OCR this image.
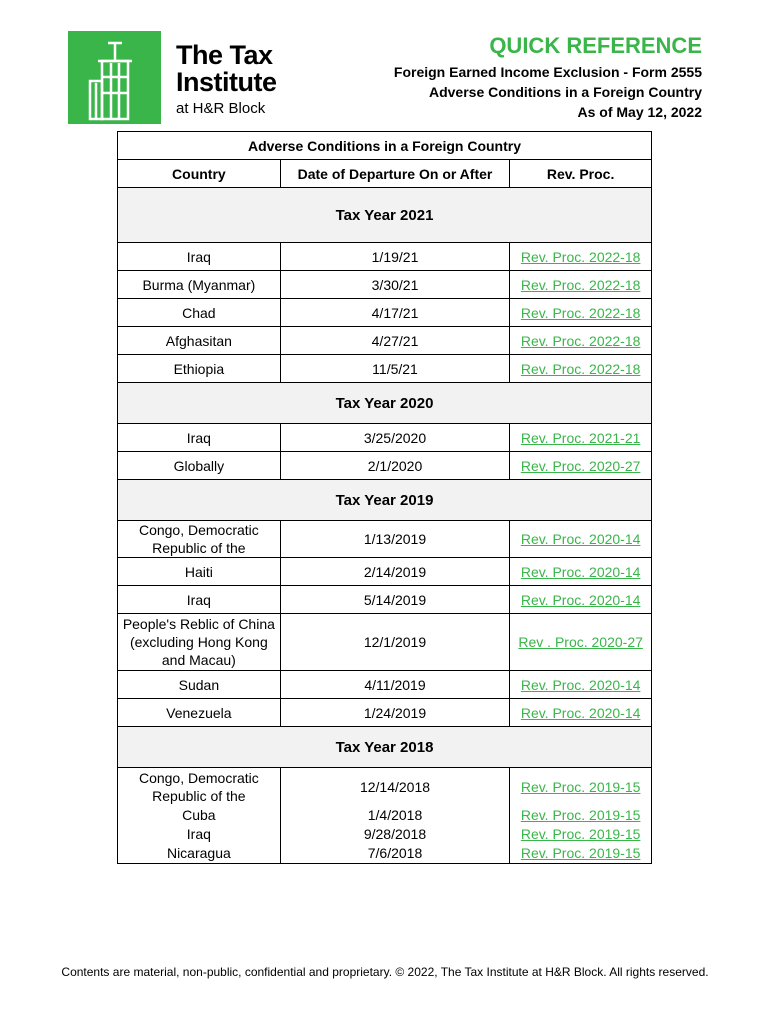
The Tax
Institute
at H&R Block
QUICK REFERENCE
Foreign Earned Income Exclusion - Form 2555
Adverse Conditions in a Foreign Country
As of May 12, 2022
Adverse Conditions in a Foreign Country		
Country	Date of Departure On or After	Rev. Proc.
Tax Year 2021		
Iraq	1/19/21	Rev. Proc. 2022-18
Burma (Myanmar)	3/30/21	Rev. Proc. 2022-18
Chad	4/17/21	Rev. Proc. 2022-18
Afghasitan	4/27/21	Rev. Proc. 2022-18
Ethiopia	11/5/21	Rev. Proc. 2022-18
Tax Year 2020		
Iraq	3/25/2020	Rev. Proc. 2021-21
Globally	2/1/2020	Rev. Proc. 2020-27
Tax Year 2019		
Congo, Democratic Republic of the	1/13/2019	Rev. Proc. 2020-14
Haiti	2/14/2019	Rev. Proc. 2020-14
Iraq	5/14/2019	Rev. Proc. 2020-14
People's Reblic of China (excluding Hong Kong and Macau)	12/1/2019	Rev . Proc. 2020-27
Sudan	4/11/2019	Rev. Proc. 2020-14
Venezuela	1/24/2019	Rev. Proc. 2020-14
Tax Year 2018		
Congo, Democratic Republic of the	12/14/2018	Rev. Proc. 2019-15
Cuba	1/4/2018	Rev. Proc. 2019-15
Iraq	9/28/2018	Rev. Proc. 2019-15
Nicaragua	7/6/2018	Rev. Proc. 2019-15
Contents are material, non-public, confidential and proprietary. © 2022, The Tax Institute at H&R Block. All rights reserved.
